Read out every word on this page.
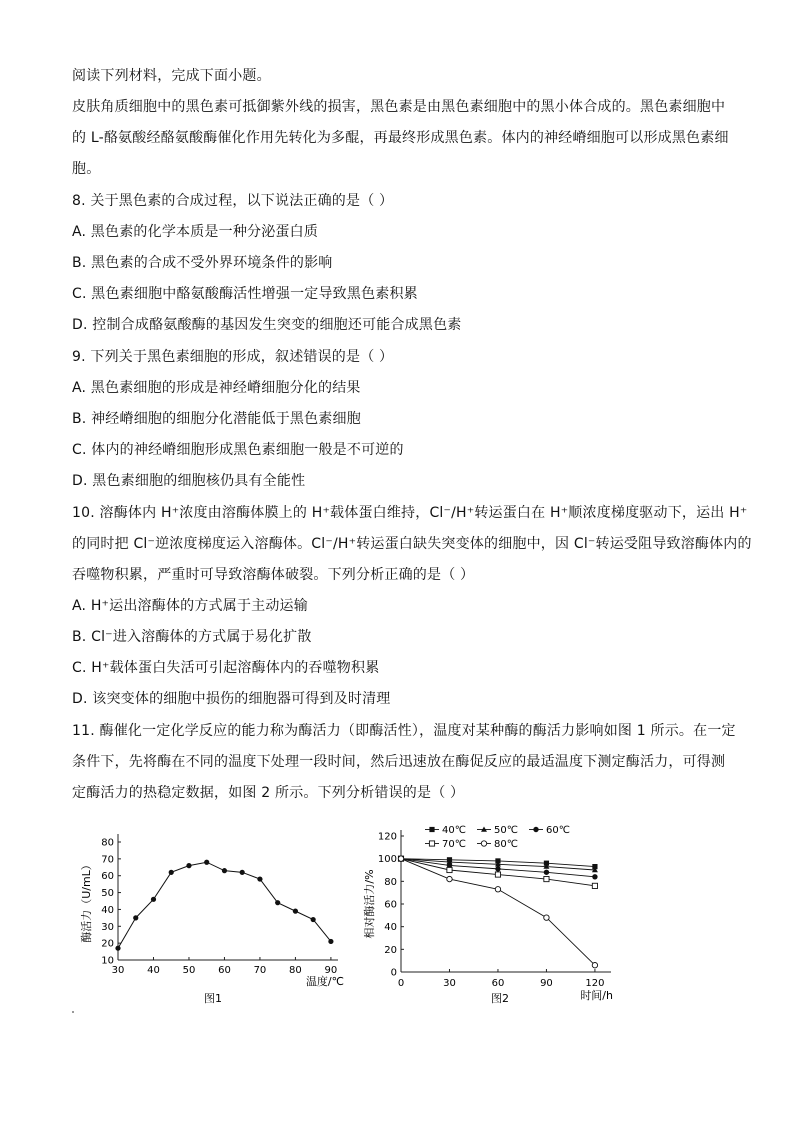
阅读下列材料，完成下面小题。
皮肤角质细胞中的黑色素可抵御紫外线的损害，黑色素是由黑色素细胞中的黑小体合成的。黑色素细胞中
的 L-酪氨酸经酪氨酸酶催化作用先转化为多醌，再最终形成黑色素。体内的神经嵴细胞可以形成黑色素细
胞。
8. 关于黑色素的合成过程，以下说法正确的是（ ）
A. 黑色素的化学本质是一种分泌蛋白质
B. 黑色素的合成不受外界环境条件的影响
C. 黑色素细胞中酪氨酸酶活性增强一定导致黑色素积累
D. 控制合成酪氨酸酶的基因发生突变的细胞还可能合成黑色素
9. 下列关于黑色素细胞的形成，叙述错误的是（ ）
A. 黑色素细胞的形成是神经嵴细胞分化的结果
B. 神经嵴细胞的细胞分化潜能低于黑色素细胞
C. 体内的神经嵴细胞形成黑色素细胞一般是不可逆的
D. 黑色素细胞的细胞核仍具有全能性
10. 溶酶体内 H⁺浓度由溶酶体膜上的 H⁺载体蛋白维持，Cl⁻/H⁺转运蛋白在 H⁺顺浓度梯度驱动下，运出 H⁺
的同时把 Cl⁻逆浓度梯度运入溶酶体。Cl⁻/H⁺转运蛋白缺失突变体的细胞中，因 Cl⁻转运受阻导致溶酶体内的
吞噬物积累，严重时可导致溶酶体破裂。下列分析正确的是（ ）
A. H⁺运出溶酶体的方式属于主动运输
B. Cl⁻进入溶酶体的方式属于易化扩散
C. H⁺载体蛋白失活可引起溶酶体内的吞噬物积累
D. 该突变体的细胞中损伤的细胞器可得到及时清理
11. 酶催化一定化学反应的能力称为酶活力（即酶活性），温度对某种酶的酶活力影响如图 1 所示。在一定
条件下，先将酶在不同的温度下处理一段时间，然后迅速放在酶促反应的最适温度下测定酶活力，可得测
定酶活力的热稳定数据，如图 2 所示。下列分析错误的是（ ）
30 40 50 60 70 80 90
10
20
30
40
50
60
70
80
酶活力（U/mL）
温度/℃
图1
0	30	60	90	120
0
20
40
60
80
100
120
40℃	50℃	60℃
70℃	80℃
相对酶活力/%
时间/h
图2
